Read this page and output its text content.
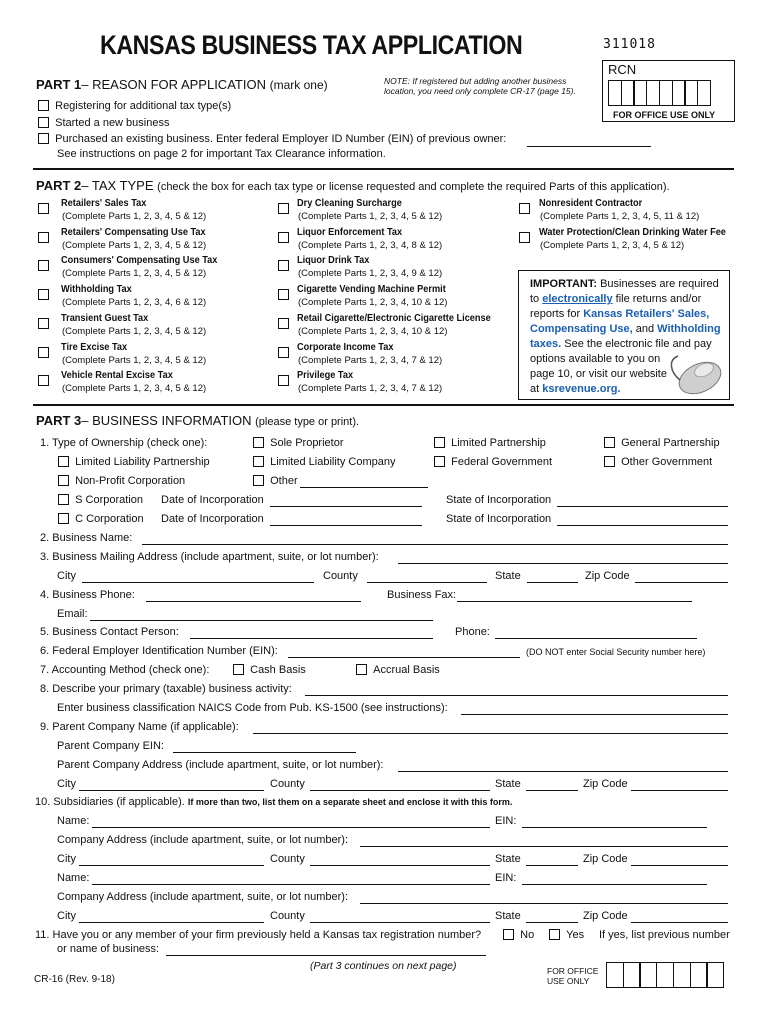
KANSAS BUSINESS TAX APPLICATION	311018
RCN
FOR OFFICE USE ONLY
PART 1– REASON FOR APPLICATION (mark one)	NOTE: If registered but adding another business
location, you need only complete CR-17 (page 15).
Registering for additional tax type(s)
Started a new business
Purchased an existing business. Enter federal Employer ID Number (EIN) of previous owner:
See instructions on page 2 for important Tax Clearance information.
PART 2– TAX TYPE (check the box for each tax type or license requested and complete the required Parts of this application).
Retailers' Sales Tax
(Complete Parts 1, 2, 3, 4, 5 & 12)
Retailers' Compensating Use Tax
(Complete Parts 1, 2, 3, 4, 5 & 12)
Consumers' Compensating Use Tax
(Complete Parts 1, 2, 3, 4, 5 & 12)
Withholding Tax
(Complete Parts 1, 2, 3, 4, 6 & 12)
Transient Guest Tax
(Complete Parts 1, 2, 3, 4, 5 & 12)
Tire Excise Tax
(Complete Parts 1, 2, 3, 4, 5 & 12)
Vehicle Rental Excise Tax
(Complete Parts 1, 2, 3, 4, 5 & 12)
Dry Cleaning Surcharge
(Complete Parts 1, 2, 3, 4, 5 & 12)
Liquor Enforcement Tax
(Complete Parts 1, 2, 3, 4, 8 & 12)
Liquor Drink Tax
(Complete Parts 1, 2, 3, 4, 9 & 12)
Cigarette Vending Machine Permit
(Complete Parts 1, 2, 3, 4, 10 & 12)
Retail Cigarette/Electronic Cigarette License
(Complete Parts 1, 2, 3, 4, 10 & 12)
Corporate Income Tax
(Complete Parts 1, 2, 3, 4, 7 & 12)
Privilege Tax
(Complete Parts 1, 2, 3, 4, 7 & 12)
Nonresident Contractor
(Complete Parts 1, 2, 3, 4, 5, 11 & 12)
Water Protection/Clean Drinking Water Fee
(Complete Parts 1, 2, 3, 4, 5 & 12)
IMPORTANT: Businesses are required
to electronically file returns and/or
reports for Kansas Retailers' Sales,
Compensating Use, and Withholding
taxes. See the electronic file and pay
options available to you on
page 10, or visit our website
at ksrevenue.org.
PART 3– BUSINESS INFORMATION (please type or print).
1. Type of Ownership (check one):	Sole Proprietor	Limited Partnership	General Partnership
Limited Liability Partnership	Limited Liability Company	Federal Government	Other Government
Non-Profit Corporation	Other
S Corporation Date of Incorporation	State of Incorporation
C Corporation Date of Incorporation	State of Incorporation
2. Business Name:
3. Business Mailing Address (include apartment, suite, or lot number):
City	County	State	Zip Code
4. Business Phone:	Business Fax:
Email:
5. Business Contact Person:	Phone:
6. Federal Employer Identification Number (EIN):	(DO NOT enter Social Security number here)
7. Accounting Method (check one):	Cash Basis	Accrual Basis
8. Describe your primary (taxable) business activity:
Enter business classification NAICS Code from Pub. KS-1500 (see instructions):
9. Parent Company Name (if applicable):
Parent Company EIN:
Parent Company Address (include apartment, suite, or lot number):
City	County	State	Zip Code
10. Subsidiaries (if applicable). If more than two, list them on a separate sheet and enclose it with this form.
Name:	EIN:
Company Address (include apartment, suite, or lot number):
City	County	State	Zip Code
Name:	EIN:
Company Address (include apartment, suite, or lot number):
City	County	State	Zip Code
11. Have you or any member of your firm previously held a Kansas tax registration number?	No	Yes If yes, list previous number
or name of business:
(Part 3 continues on next page)
CR-16 (Rev. 9-18)
FOR OFFICE
USE ONLY
